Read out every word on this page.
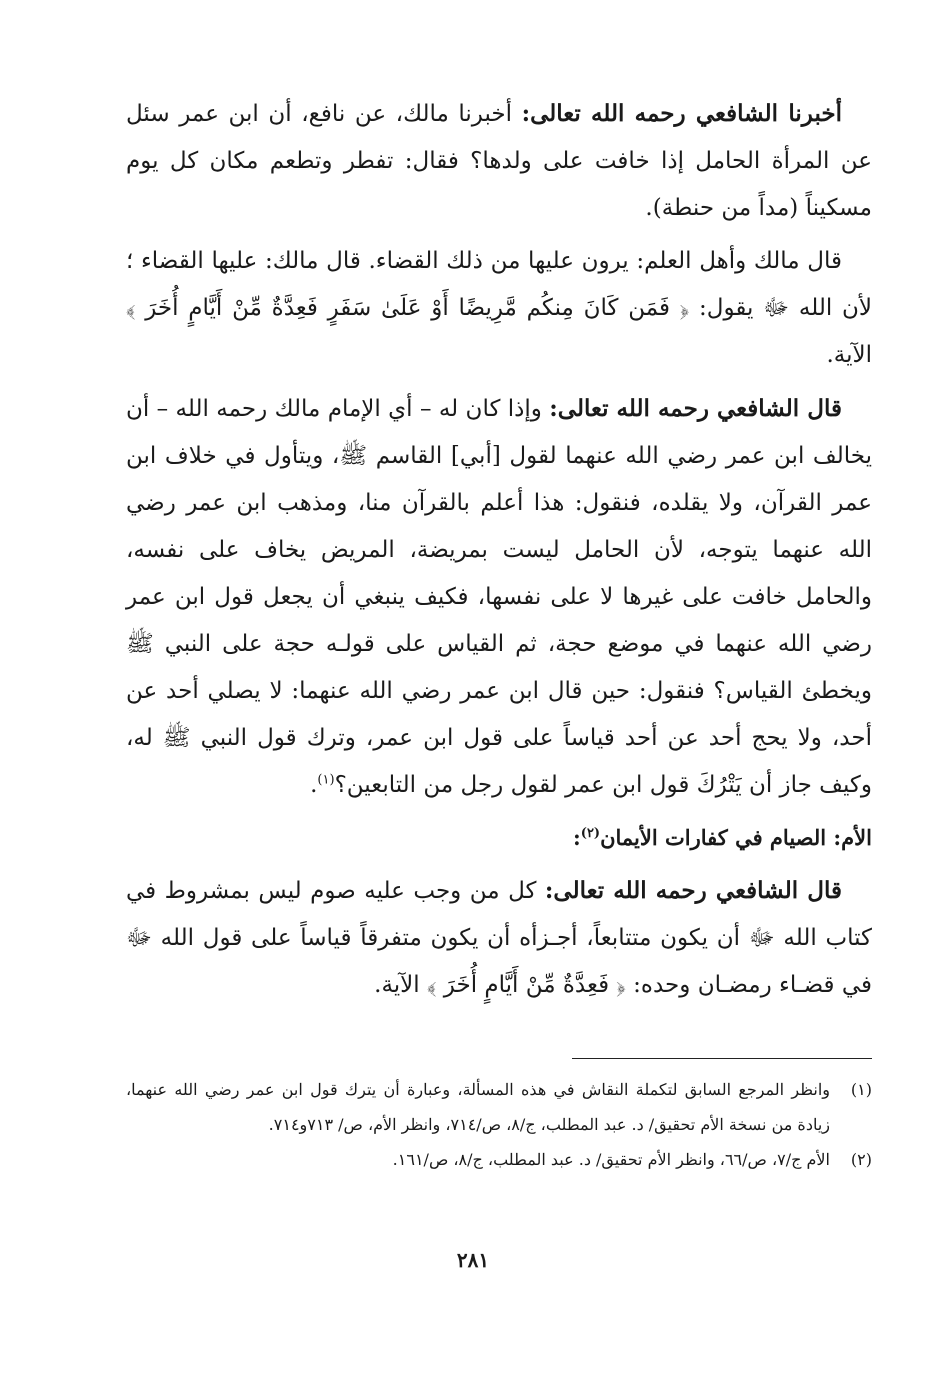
أخبرنا الشافعي رحمه الله تعالى: أخبرنا مالك، عن نافع، أن ابن عمر سئل عن المرأة الحامل إذا خافت على ولدها؟ فقال: تفطر وتطعم مكان كل يوم مسكيناً (مداً من حنطة).

قال مالك وأهل العلم: يرون عليها من ذلك القضاء. قال مالك: عليها القضاء ؛ لأن الله ﷻ يقول: ﴿ فَمَن كَانَ مِنكُم مَّرِيضًا أَوْ عَلَىٰ سَفَرٍ فَعِدَّةٌ مِّنْ أَيَّامٍ أُخَرَ ﴾ الآية.

قال الشافعي رحمه الله تعالى: وإذا كان له – أي الإمام مالك رحمه الله – أن يخالف ابن عمر رضي الله عنهما لقول [أبي] القاسم ﷺ، ويتأول في خلاف ابن عمر القرآن، ولا يقلده، فنقول: هذا أعلم بالقرآن منا، ومذهب ابن عمر رضي الله عنهما يتوجه، لأن الحامل ليست بمريضة، المريض يخاف على نفسه، والحامل خافت على غيرها لا على نفسها، فكيف ينبغي أن يجعل قول ابن عمر رضي الله عنهما في موضع حجة، ثم القياس على قولـه حجة على النبي ﷺ ويخطئ القياس؟ فنقول: حين قال ابن عمر رضي الله عنهما: لا يصلي أحد عن أحد، ولا يحج أحد عن أحد قياساً على قول ابن عمر، وترك قول النبي ﷺ له، وكيف جاز أن يَتْرُكَ قول ابن عمر لقول رجل من التابعين؟$^{(١)}$.

الأم: الصيام في كفارات الأيمان$^{(٢)}$:

قال الشافعي رحمه الله تعالى: كل من وجب عليه صوم ليس بمشروط في كتاب الله ﷻ أن يكون متتابعاً، أجـزأه أن يكون متفرقاً قياساً على قول الله ﷻ في قضـاء رمضـان وحده: ﴿ فَعِدَّةٌ مِّنْ أَيَّامٍ أُخَرَ ﴾ الآية.

(١)
وانظر المرجع السابق لتكملة النقاش في هذه المسألة، وعبارة أن يترك قول ابن عمر رضي الله عنهما، زيادة من نسخة الأم تحقيق/ د. عبد المطلب، ج/٨، ص/٧١٤، وانظر الأم، ص/ ٧١٣و٧١٤.
(٢)
الأم ج/٧، ص/٦٦، وانظر الأم تحقيق/ د. عبد المطلب، ج/٨، ص/١٦١.
٢٨١
